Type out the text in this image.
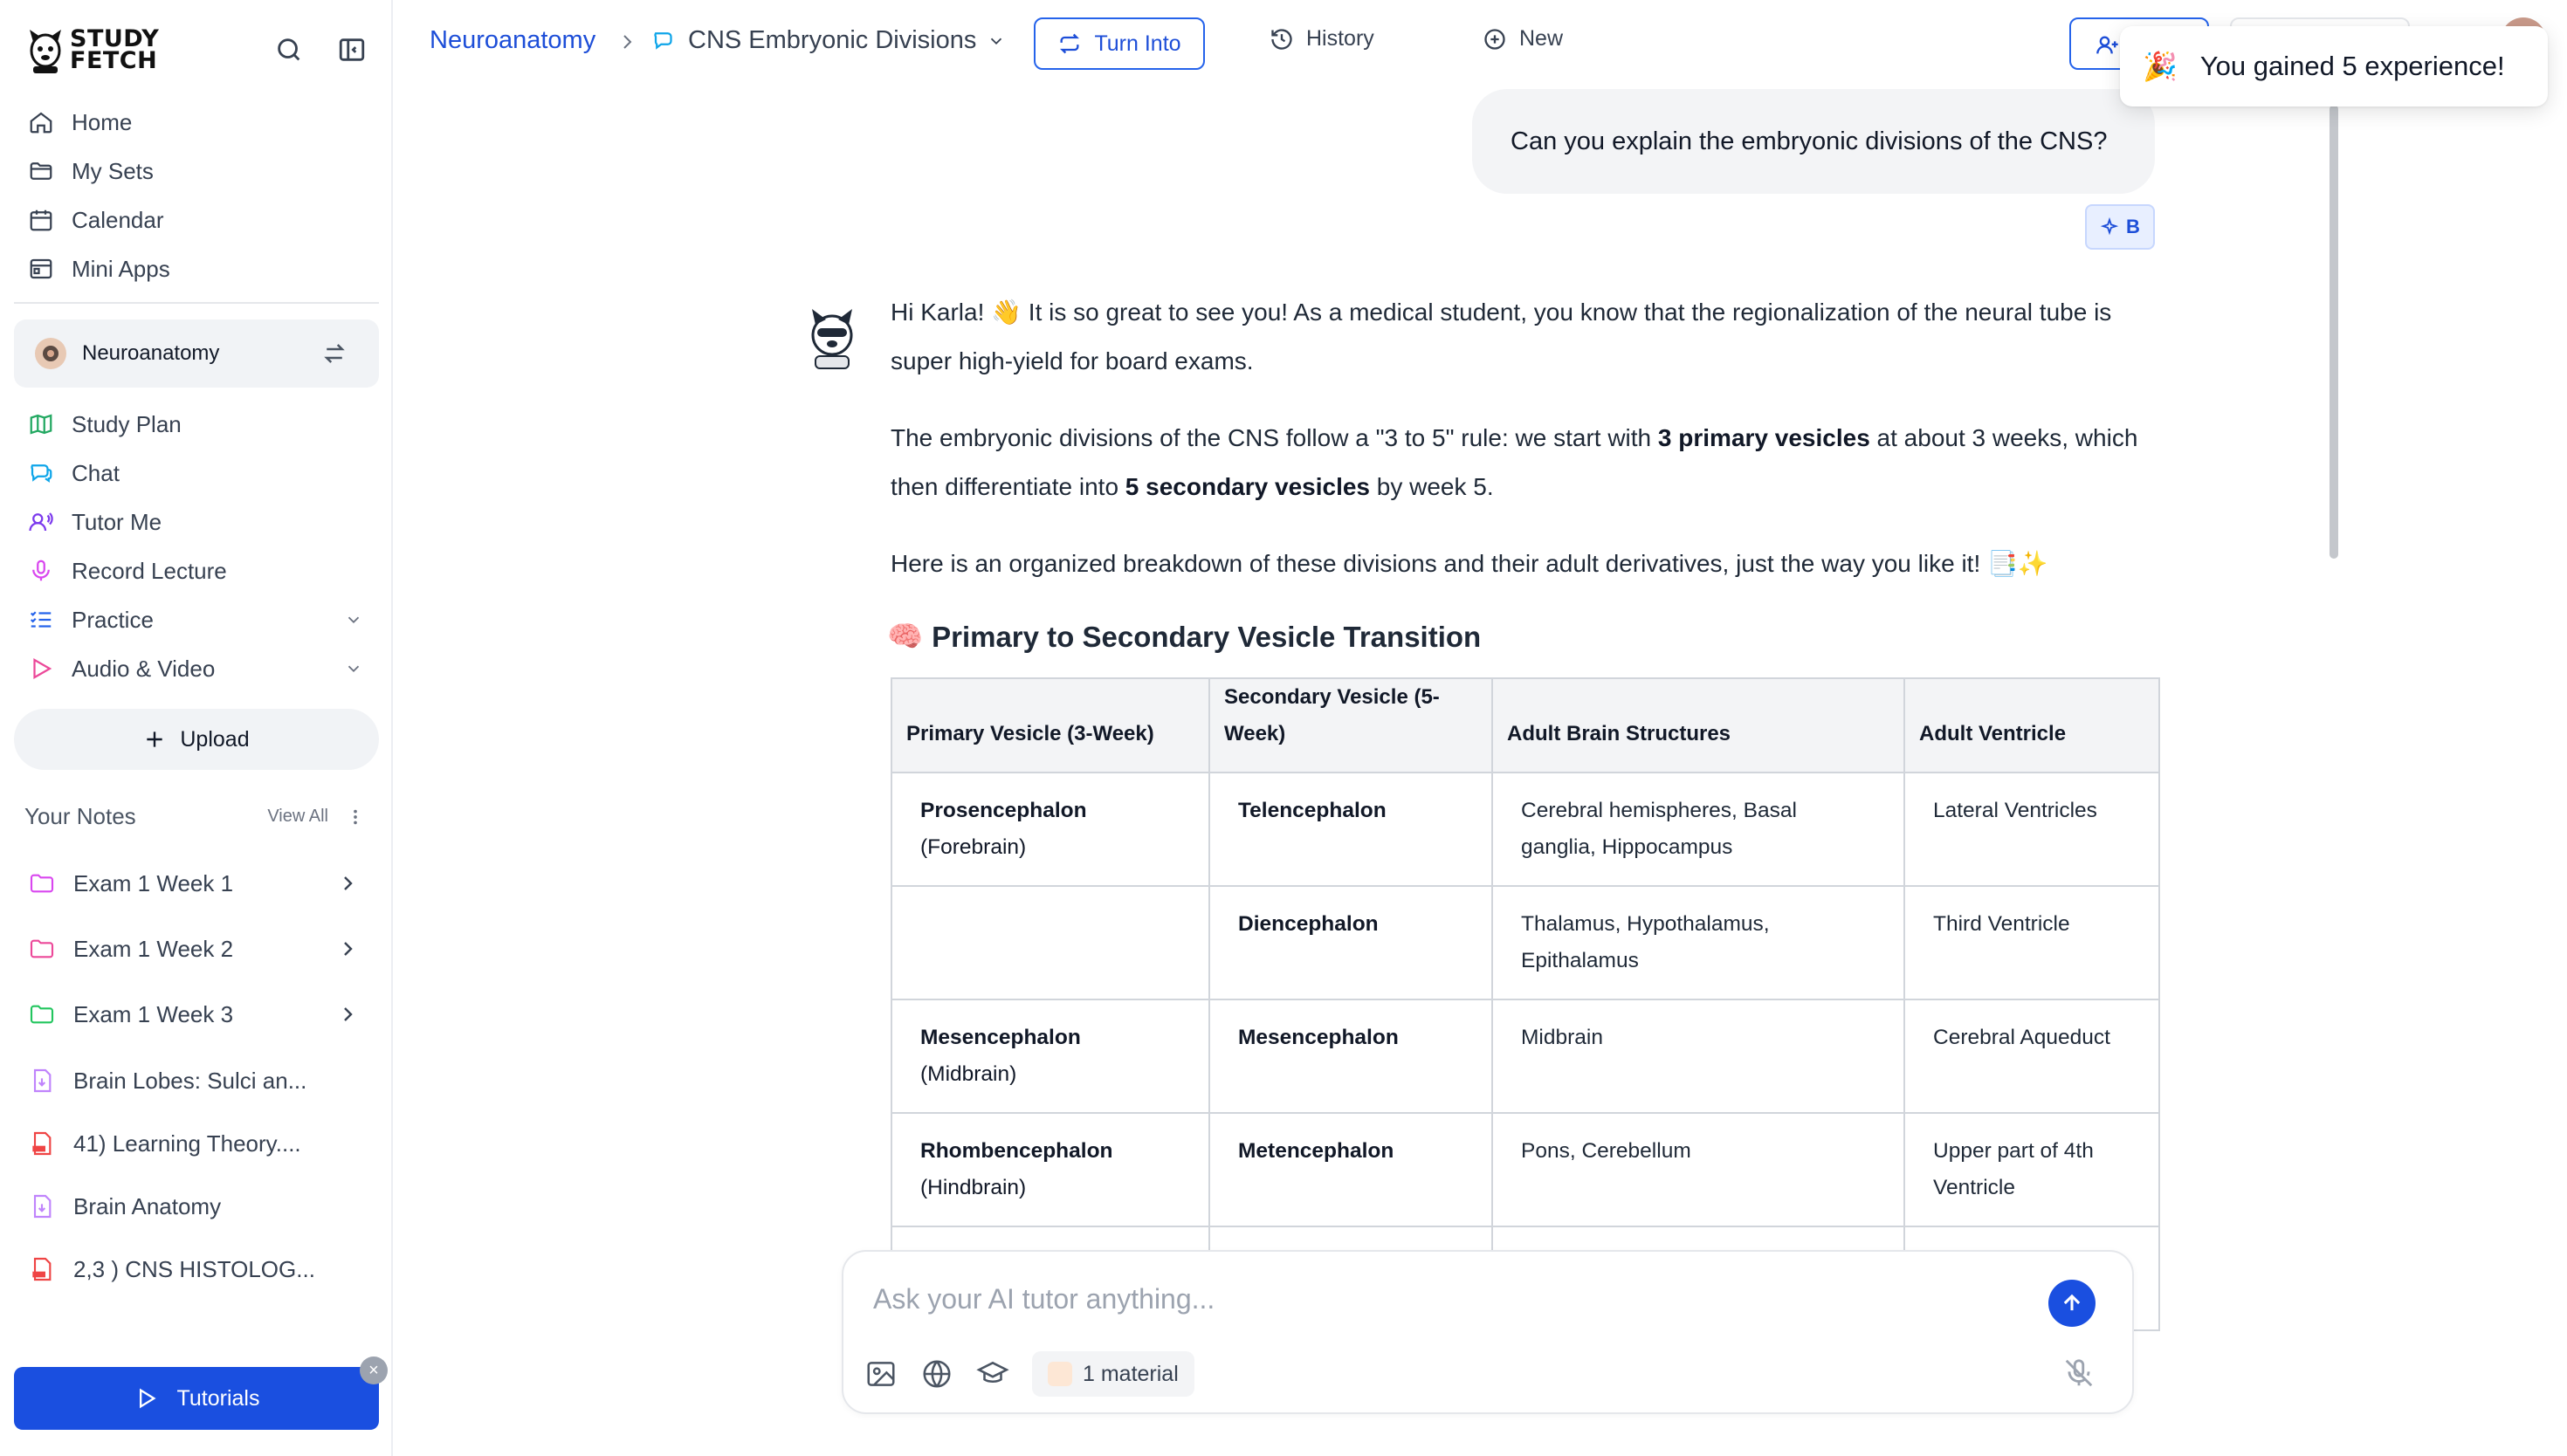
STUDY
FETCH
Home
My Sets
Calendar
Mini Apps
Neuroanatomy
Study Plan
Chat
Tutor Me
Record Lecture
Practice
Audio & Video
Upload
Your Notes	View All
Exam 1 Week 1
Exam 1 Week 2
Exam 1 Week 3
Brain Lobes: Sulci an...
41) Learning Theory....
Brain Anatomy
2,3 ) CNS HISTOLOG...
Tutorials
×
Neuroanatomy	CNS Embryonic Divisions	Turn Into	History	New
🎉 You gained 5 experience!
Can you explain the embryonic divisions of the CNS?
B

Hi Karla! 👋 It is so great to see you! As a medical student, you know that the regionalization of the neural tube is super high-yield for board exams.

The embryonic divisions of the CNS follow a "3 to 5" rule: we start with 3 primary vesicles at about 3 weeks, which then differentiate into 5 secondary vesicles by week 5.

Here is an organized breakdown of these divisions and their adult derivatives, just the way you like it! 📑✨

🧠 Primary to Secondary Vesicle Transition
Primary Vesicle (3-Week)	Secondary Vesicle (5-Week)	Adult Brain Structures	Adult Ventricle

Prosencephalon
(Forebrain)	Telencephalon	Cerebral hemispheres, Basal ganglia, Hippocampus	Lateral Ventricles

	Diencephalon	Thalamus, Hypothalamus, Epithalamus	Third Ventricle

Mesencephalon
(Midbrain)	Mesencephalon	Midbrain	Cerebral Aqueduct

Rhombencephalon
(Hindbrain)	Metencephalon	Pons, Cerebellum	Upper part of 4th Ventricle

Ask your AI tutor anything...
1 material
